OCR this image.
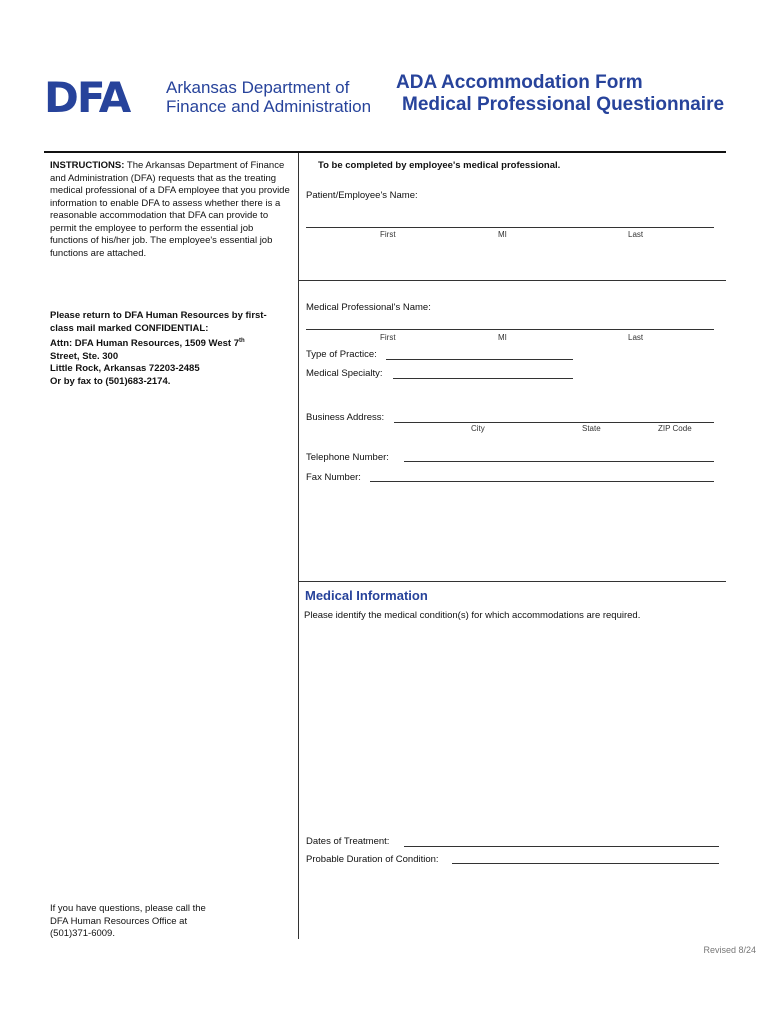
DFA Arkansas Department of
Finance and Administration
ADA Accommodation Form
Medical Professional Questionnaire
INSTRUCTIONS: The Arkansas Department of Finance and Administration (DFA) requests that as the treating medical professional of a DFA employee that you provide information to enable DFA to assess whether there is a reasonable accommodation that DFA can provide to permit the employee to perform the essential job functions of his/her job. The employee's essential job functions are attached.
Please return to DFA Human Resources by first-class mail marked CONFIDENTIAL:
Attn: DFA Human Resources, 1509 West 7th
Street, Ste. 300
Little Rock, Arkansas 72203-2485
Or by fax to (501)683-2174.
If you have questions, please call the
DFA Human Resources Office at
(501)371-6009.
To be completed by employee's medical professional.
Patient/Employee's Name:
First	MI	Last
Medical Professional's Name:
First	MI	Last
Type of Practice:
Medical Specialty:
Business Address:
City	State	ZIP Code
Telephone Number:
Fax Number:
Medical Information
Please identify the medical condition(s) for which accommodations are required.
Dates of Treatment:
Probable Duration of Condition:
Revised 8/24
